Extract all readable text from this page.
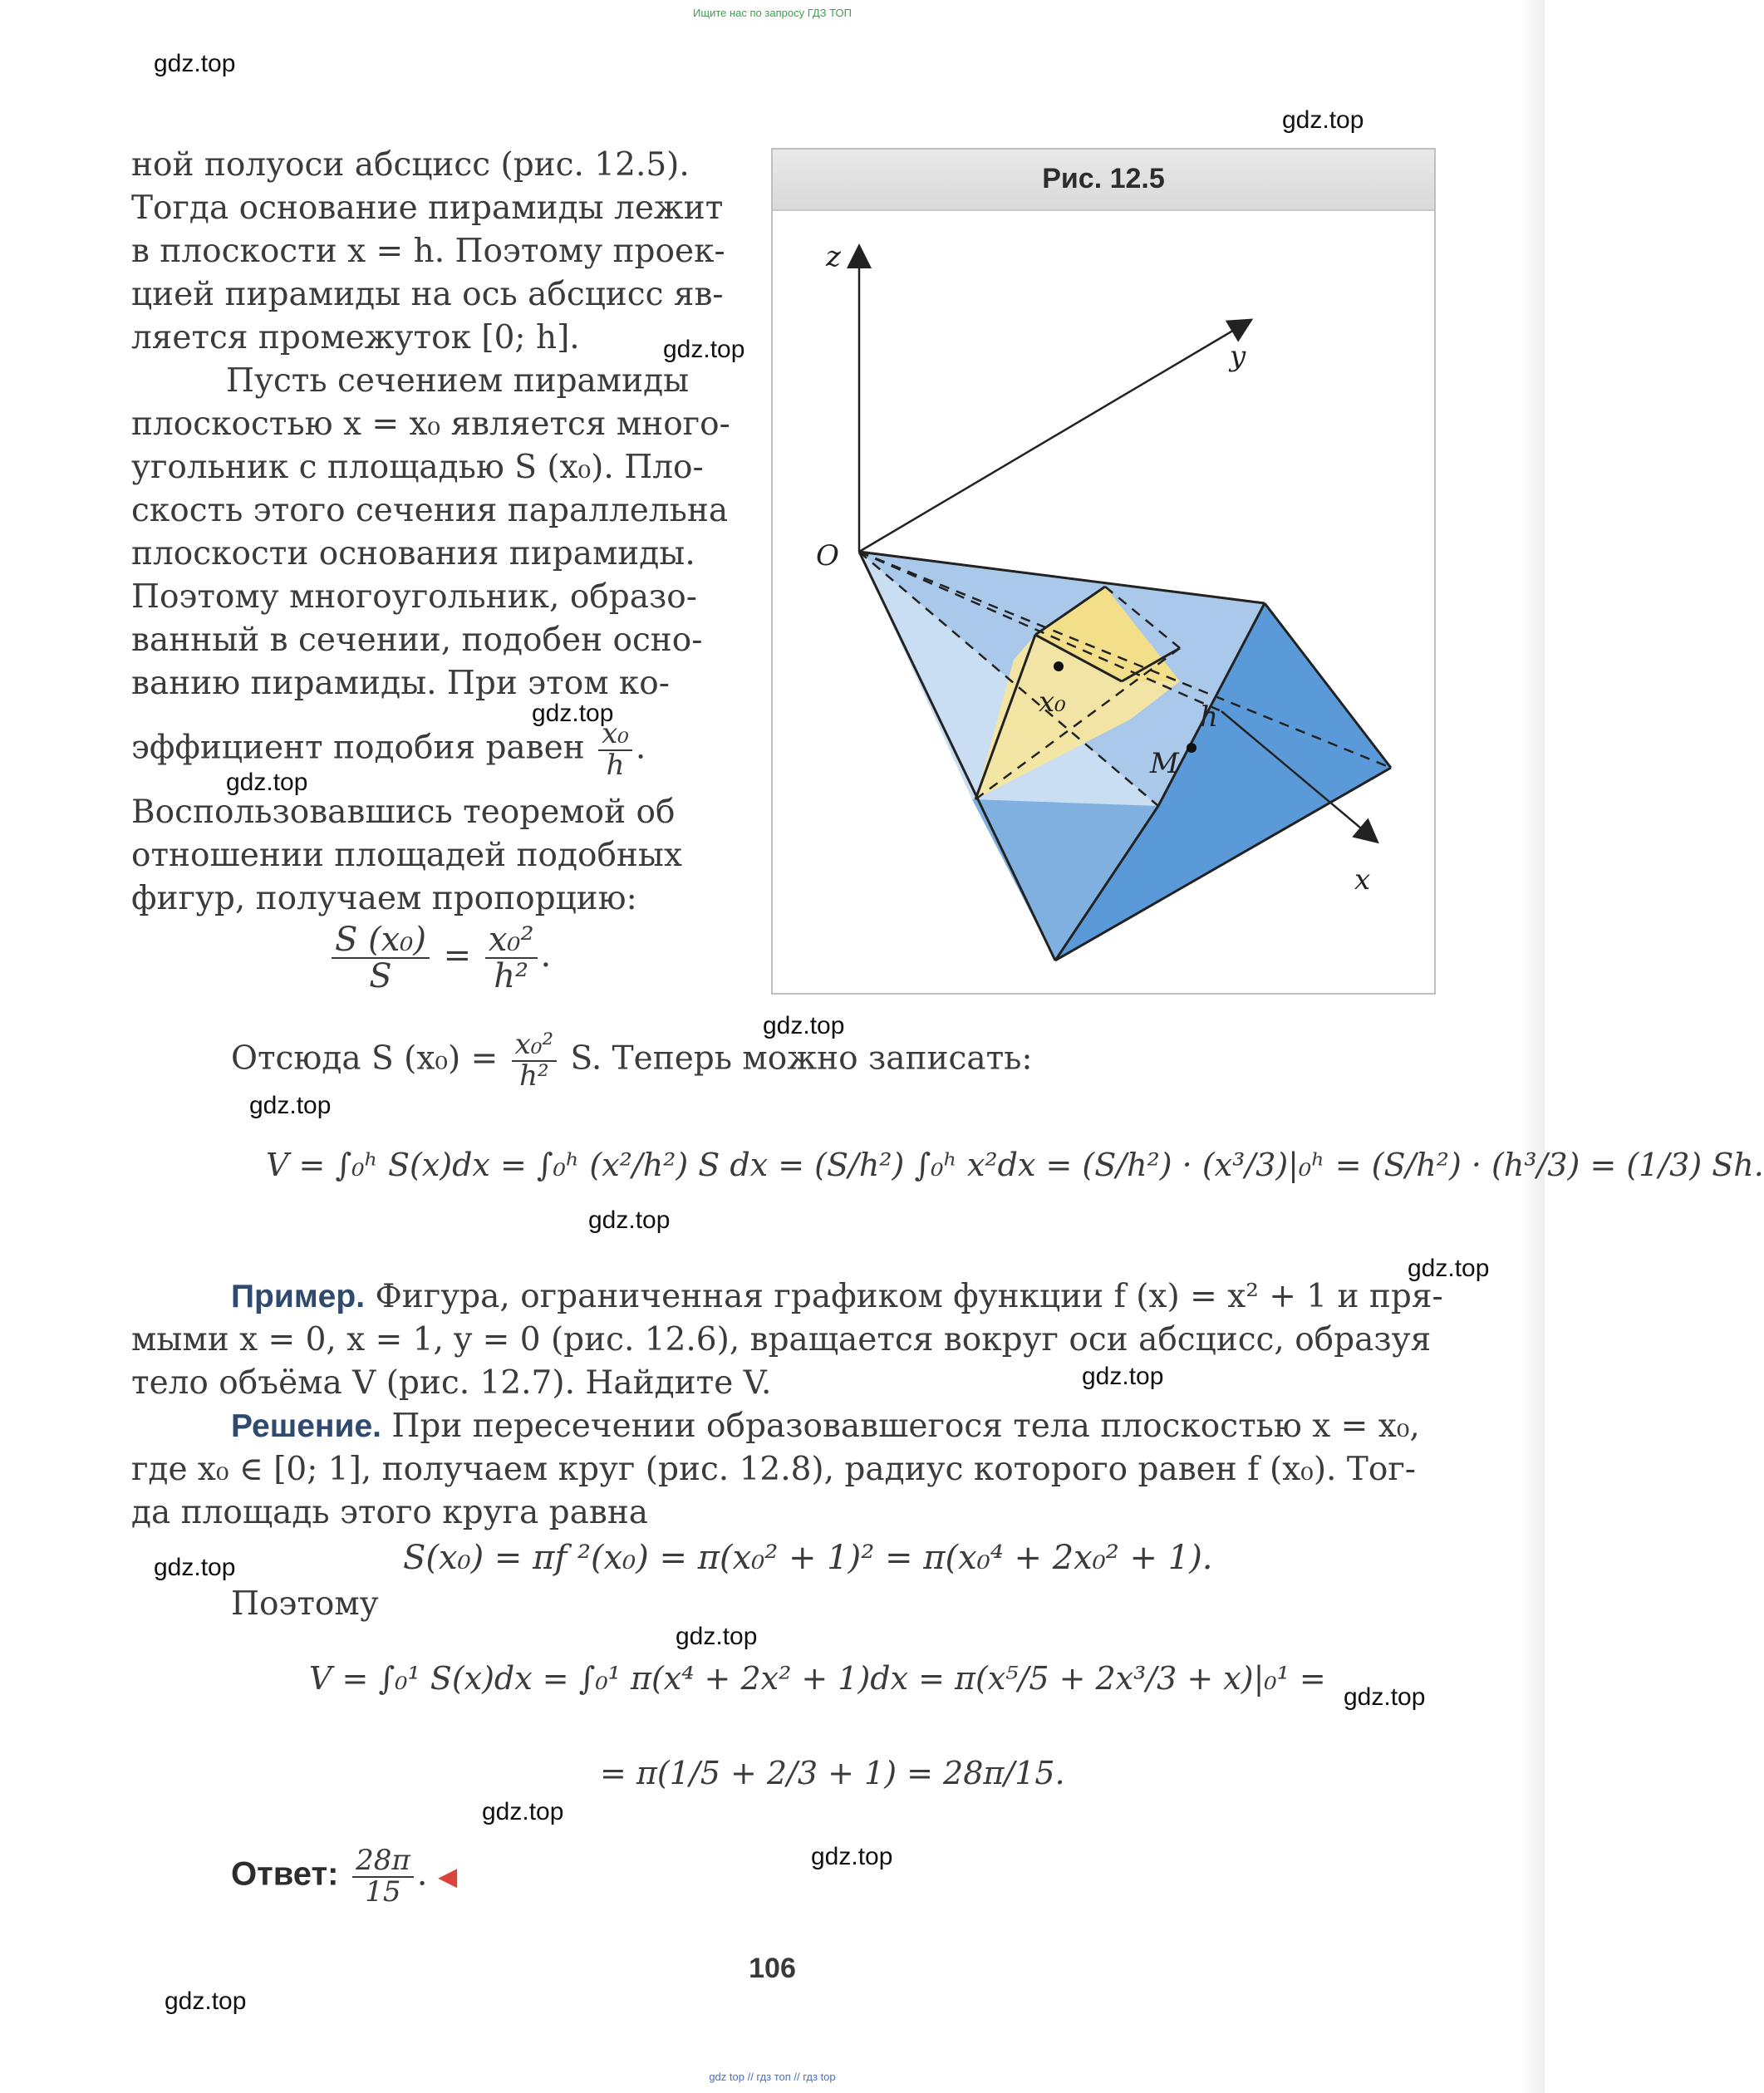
Ищите нас по запросу ГДЗ ТОП
gdz.top
gdz.top
gdz.top
gdz.top
gdz.top
gdz.top
gdz.top
gdz.top
gdz.top
gdz.top
gdz.top
gdz.top
gdz.top
gdz.top
gdz.top
gdz.top
ной полуоси абсцисс (рис. 12.5).
Тогда основание пирамиды лежит
в плоскости x = h. Поэтому проек-
цией пирамиды на ось абсцисс яв-
ляется промежуток [0; h].
Пусть сечением пирамиды
плоскостью x = x₀ является много-
угольник с площадью S (x₀). Пло-
скость этого сечения параллельна
плоскости основания пирамиды.
Поэтому многоугольник, образо-
ванный в сечении, подобен осно-
ванию пирамиды. При этом ко-
эффициент подобия равен $\frac{\text{x₀}}{h}$ .
Воспользовавшись теоремой об
отношении площадей подобных
фигур, получаем пропорцию:
$\frac{\text{S (x₀)}}{S} = \frac{\text{x₀²}}{\text{h²}}$ .
Рис. 12.5
z
y
x
O
x₀	h
M
Отсюда S $(x_0) = \frac{\text{x₀²}}{\text{h²}} S$. Теперь можно записать:
V = ∫₀ʰ S(x)dx = ∫₀ʰ (x²/h²) S dx = (S/h²) ∫₀ʰ x²dx = (S/h²) · (x³/3)|₀ʰ = (S/h²) · (h³/3) = (1/3) Sh.
Пример. Фигура, ограниченная графиком функции f (x) = x² + 1 и пря-
мыми x = 0, x = 1, y = 0 (рис. 12.6), вращается вокруг оси абсцисс, образуя
тело объёма V (рис. 12.7). Найдите V.
Решение. При пересечении образовавшегося тела плоскостью x = x₀,
где x₀ ∈ [0; 1], получаем круг (рис. 12.8), радиус которого равен f (x₀). Тог-
да площадь этого круга равна
S(x₀) = πf ²(x₀) = π(x₀² + 1)² = π(x₀⁴ + 2x₀² + 1).
Поэтому
V = ∫₀¹ S(x)dx = ∫₀¹ π(x⁴ + 2x² + 1)dx = π(x⁵/5 + 2x³/3 + x)|₀¹ =
= π(1/5 + 2/3 + 1) = 28π/15.
Ответ: $\frac{28\pi}{15}$ . ◀
106
gdz top // гдз топ // гдз top
